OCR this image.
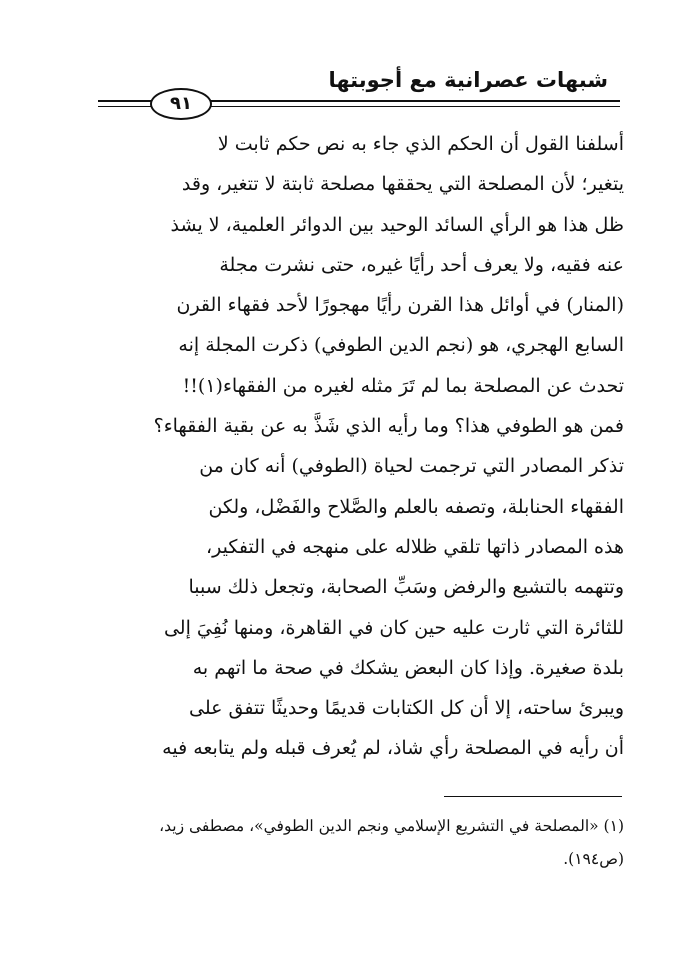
شبهات عصرانية مع أجوبتها
٩١
أسلفنا القول أن الحكم الذي جاء به نص حكم ثابت لا
يتغير؛ لأن المصلحة التي يحققها مصلحة ثابتة لا تتغير، وقد
ظل هذا هو الرأي السائد الوحيد بين الدوائر العلمية، لا يشذ
عنه فقيه، ولا يعرف أحد رأيًا غيره، حتى نشرت مجلة
(المنار) في أوائل هذا القرن رأيًا مهجورًا لأحد فقهاء القرن
السابع الهجري، هو (نجم الدين الطوفي) ذكرت المجلة إنه
تحدث عن المصلحة بما لم تَرَ مثله لغيره من الفقهاء(١)!!
فمن هو الطوفي هذا؟ وما رأيه الذي شَذَّ به عن بقية الفقهاء؟
تذكر المصادر التي ترجمت لحياة (الطوفي) أنه كان من
الفقهاء الحنابلة، وتصفه بالعلم والصَّلاح والفَضْل، ولكن
هذه المصادر ذاتها تلقي ظلاله على منهجه في التفكير،
وتتهمه بالتشيع والرفض وسَبِّ الصحابة، وتجعل ذلك سببا
للثائرة التي ثارت عليه حين كان في القاهرة، ومنها نُفِيَ إلى
بلدة صغيرة. وإذا كان البعض يشكك في صحة ما اتهم به
ويبرئ ساحته، إلا أن كل الكتابات قديمًا وحديثًا تتفق على
أن رأيه في المصلحة رأي شاذ، لم يُعرف قبله ولم يتابعه فيه
(١) «المصلحة في التشريع الإسلامي ونجم الدين الطوفي»، مصطفى زيد،
(ص١٩٤).
